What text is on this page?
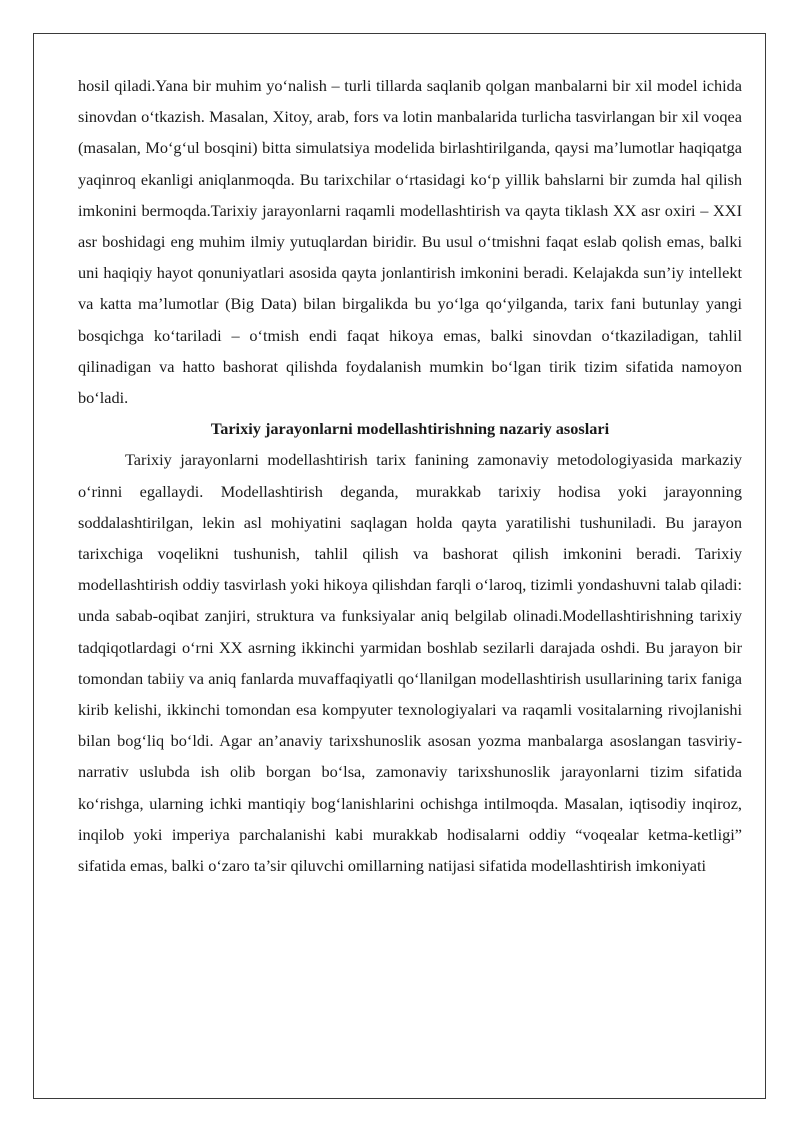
hosil qiladi.Yana bir muhim yo‘nalish – turli tillarda saqlanib qolgan manbalarni bir xil model ichida sinovdan o‘tkazish. Masalan, Xitoy, arab, fors va lotin manbalarida turlicha tasvirlangan bir xil voqea (masalan, Mo‘g‘ul bosqini) bitta simulatsiya modelida birlashtirilganda, qaysi ma’lumotlar haqiqatga yaqinroq ekanligi aniqlanmoqda. Bu tarixchilar o‘rtasidagi ko‘p yillik bahslarni bir zumda hal qilish imkonini bermoqda.Tarixiy jarayonlarni raqamli modellashtirish va qayta tiklash XX asr oxiri – XXI asr boshidagi eng muhim ilmiy yutuqlardan biridir. Bu usul o‘tmishni faqat eslab qolish emas, balki uni haqiqiy hayot qonuniyatlari asosida qayta jonlantirish imkonini beradi. Kelajakda sun’iy intellekt va katta ma’lumotlar (Big Data) bilan birgalikda bu yo‘lga qo‘yilganda, tarix fani butunlay yangi bosqichga ko‘tariladi – o‘tmish endi faqat hikoya emas, balki sinovdan o‘tkaziladigan, tahlil qilinadigan va hatto bashorat qilishda foydalanish mumkin bo‘lgan tirik tizim sifatida namoyon bo‘ladi.

Tarixiy jarayonlarni modellashtirishning nazariy asoslari

Tarixiy jarayonlarni modellashtirish tarix fanining zamonaviy metodologiyasida markaziy o‘rinni egallaydi. Modellashtirish deganda, murakkab tarixiy hodisa yoki jarayonning soddalashtirilgan, lekin asl mohiyatini saqlagan holda qayta yaratilishi tushuniladi. Bu jarayon tarixchiga voqelikni tushunish, tahlil qilish va bashorat qilish imkonini beradi. Tarixiy modellashtirish oddiy tasvirlash yoki hikoya qilishdan farqli o‘laroq, tizimli yondashuvni talab qiladi: unda sabab-oqibat zanjiri, struktura va funksiyalar aniq belgilab olinadi.Modellashtirishning tarixiy tadqiqotlardagi o‘rni XX asrning ikkinchi yarmidan boshlab sezilarli darajada oshdi. Bu jarayon bir tomondan tabiiy va aniq fanlarda muvaffaqiyatli qo‘llanilgan modellashtirish usullarining tarix faniga kirib kelishi, ikkinchi tomondan esa kompyuter texnologiyalari va raqamli vositalarning rivojlanishi bilan bog‘liq bo‘ldi. Agar an’anaviy tarixshunoslik asosan yozma manbalarga asoslangan tasviriy-narrativ uslubda ish olib borgan bo‘lsa, zamonaviy tarixshunoslik jarayonlarni tizim sifatida ko‘rishga, ularning ichki mantiqiy bog‘lanishlarini ochishga intilmoqda. Masalan, iqtisodiy inqiroz, inqilob yoki imperiya parchalanishi kabi murakkab hodisalarni oddiy “voqealar ketma-ketligi” sifatida emas, balki o‘zaro ta’sir qiluvchi omillarning natijasi sifatida modellashtirish imkoniyati
